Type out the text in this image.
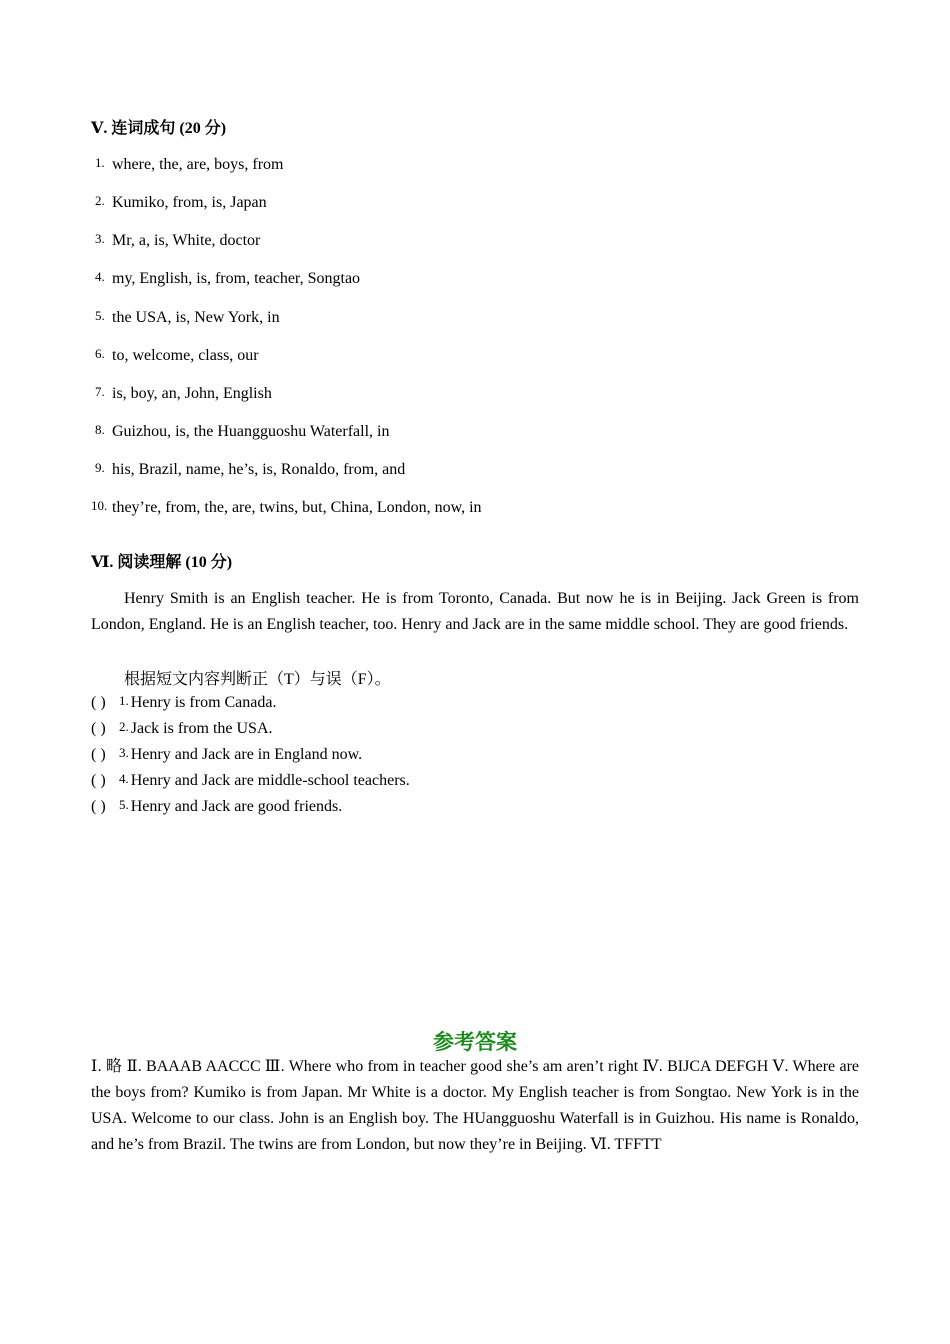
Ⅴ. 连词成句 (20 分)
1. where, the, are, boys, from
2. Kumiko, from, is, Japan
3. Mr, a, is, White, doctor
4. my, English, is, from, teacher, Songtao
5. the USA, is, New York, in
6. to, welcome, class, our
7. is, boy, an, John, English
8. Guizhou, is, the Huangguoshu Waterfall, in
9. his, Brazil, name, he’s, is, Ronaldo, from, and
10. they’re, from, the, are, twins, but, China, London, now, in
Ⅵ. 阅读理解 (10 分)
Henry Smith is an English teacher. He is from Toronto, Canada. But now he is in Beijing. Jack Green is from London, England. He is an English teacher, too. Henry and Jack are in the same middle school. They are good friends.
根据短文内容判断正（T）与误（F）。
( ) 1. Henry is from Canada.
( ) 2. Jack is from the USA.
( ) 3. Henry and Jack are in England now.
( ) 4. Henry and Jack are middle-school teachers.
( ) 5. Henry and Jack are good friends.
参考答案
Ⅰ. 略 Ⅱ. BAAAB AACCC Ⅲ. Where who from in teacher good she’s am aren’t right Ⅳ. BIJCA DEFGH Ⅴ. Where are the boys from? Kumiko is from Japan. Mr White is a doctor. My English teacher is from Songtao. New York is in the USA. Welcome to our class. John is an English boy. The HUangguoshu Waterfall is in Guizhou. His name is Ronaldo, and he’s from Brazil. The twins are from London, but now they’re in Beijing. Ⅵ. TFFTT
